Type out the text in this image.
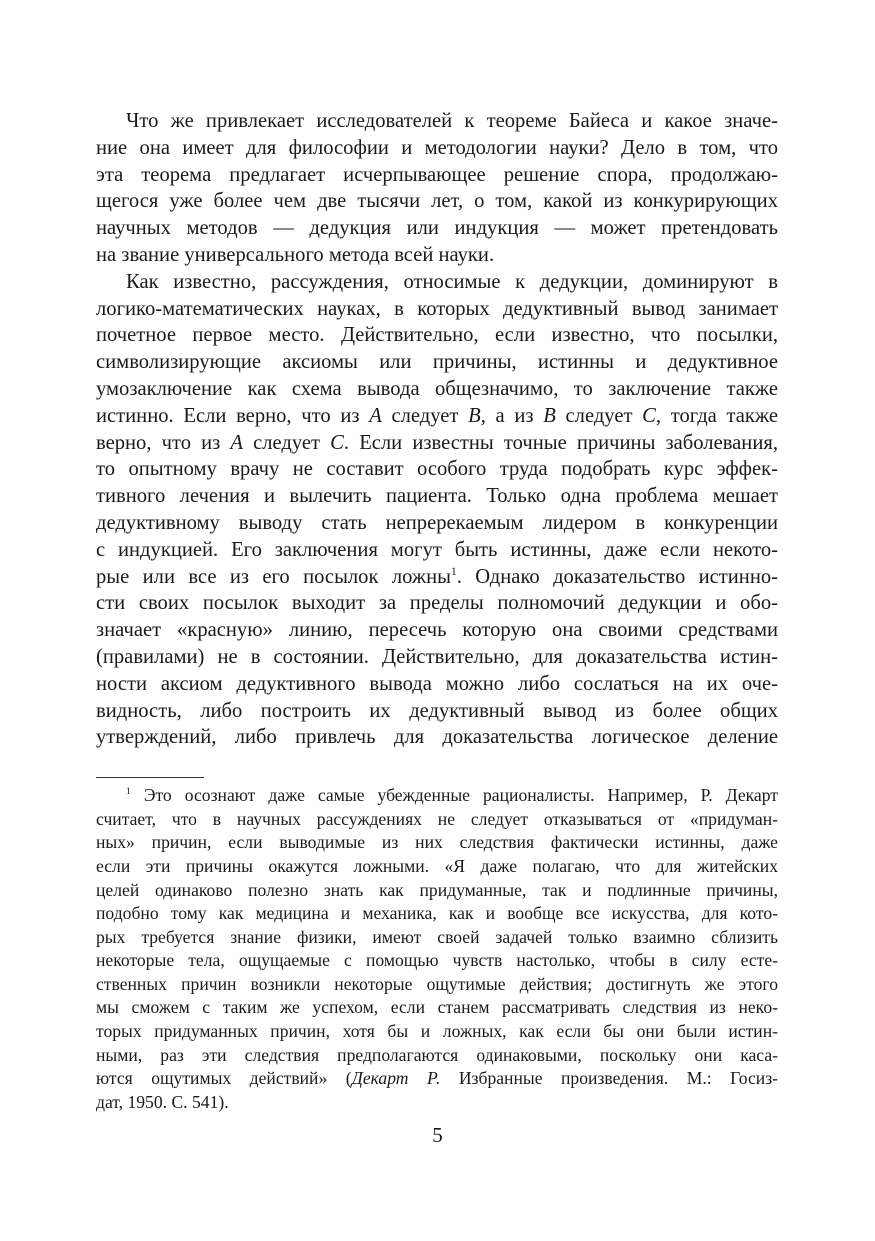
Что же привлекает исследователей к теореме Байеса и какое значе-
ние она имеет для философии и методологии науки? Дело в том, что
эта теорема предлагает исчерпывающее решение спора, продолжаю-
щегося уже более чем две тысячи лет, о том, какой из конкурирующих
научных методов — дедукция или индукция — может претендовать
на звание универсального метода всей науки.
Как известно, рассуждения, относимые к дедукции, доминируют в
логико-математических науках, в которых дедуктивный вывод занимает
почетное первое место. Действительно, если известно, что посылки,
символизирующие аксиомы или причины, истинны и дедуктивное
умозаключение как схема вывода общезначимо, то заключение также
истинно. Если верно, что из A следует B, а из B следует C, тогда также
верно, что из A следует C. Если известны точные причины заболевания,
то опытному врачу не составит особого труда подобрать курс эффек-
тивного лечения и вылечить пациента. Только одна проблема мешает
дедуктивному выводу стать непререкаемым лидером в конкуренции
с индукцией. Его заключения могут быть истинны, даже если некото-
рые или все из его посылок ложны$^1$. Однако доказательство истинно-
сти своих посылок выходит за пределы полномочий дедукции и обо-
значает «красную» линию, пересечь которую она своими средствами
(правилами) не в состоянии. Действительно, для доказательства истин-
ности аксиом дедуктивного вывода можно либо сослаться на их оче-
видность, либо построить их дедуктивный вывод из более общих
утверждений, либо привлечь для доказательства логическое деление
$^1$ Это осознают даже самые убежденные рационалисты. Например, Р. Декарт
считает, что в научных рассуждениях не следует отказываться от «придуман-
ных» причин, если выводимые из них следствия фактически истинны, даже
если эти причины окажутся ложными. «Я даже полагаю, что для житейских
целей одинаково полезно знать как придуманные, так и подлинные причины,
подобно тому как медицина и механика, как и вообще все искусства, для кото-
рых требуется знание физики, имеют своей задачей только взаимно сблизить
некоторые тела, ощущаемые с помощью чувств настолько, чтобы в силу есте-
ственных причин возникли некоторые ощутимые действия; достигнуть же этого
мы сможем с таким же успехом, если станем рассматривать следствия из неко-
торых придуманных причин, хотя бы и ложных, как если бы они были истин-
ными, раз эти следствия предполагаются одинаковыми, поскольку они каса-
ются ощутимых действий» (Декарт Р. Избранные произведения. М.: Госиз-
дат, 1950. С. 541).
5
